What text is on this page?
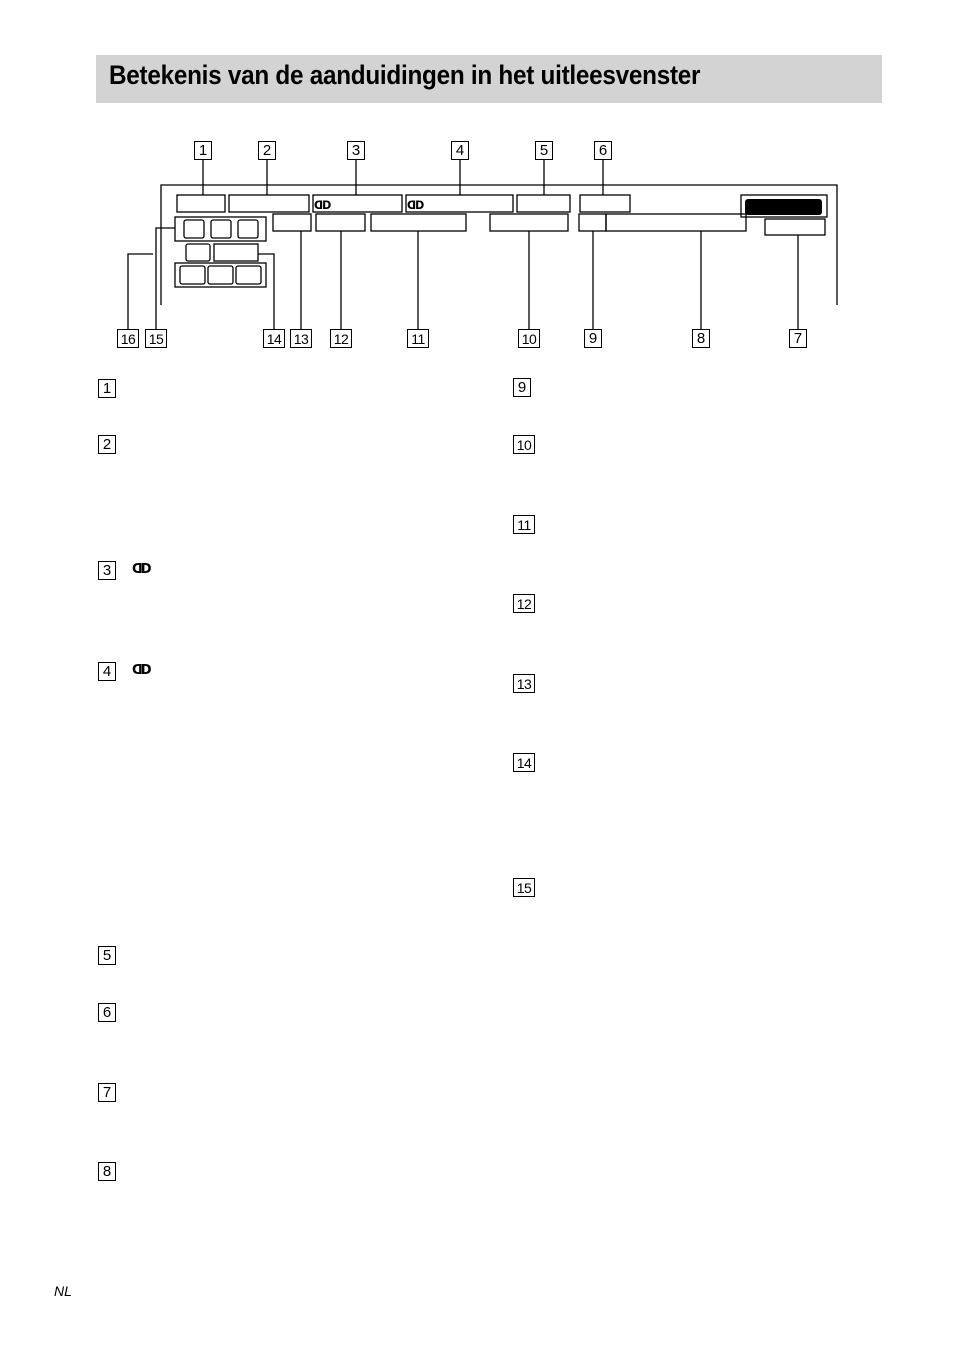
Betekenis van de aanduidingen in het uitleesvenster
ᗡᗞ	ᗡᗞ
1	2	3	4	5	6
16 15	14 13 12	11	10	9	8	7
1
2
3	ᗡᗞ
4	ᗡᗞ
5
6
7
8
9
10
11
12
13
14
15
NL
